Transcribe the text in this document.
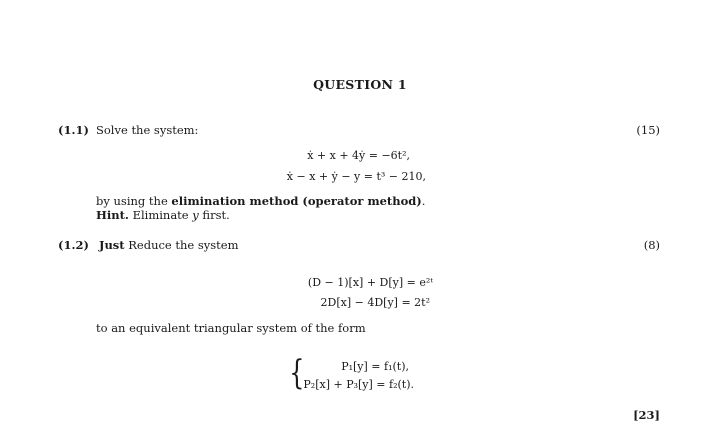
QUESTION 1
(1.1) Solve the system:	(15)
ẋ + x + 4ẏ = −6t²,
ẋ − x + ẏ − y = t³ − 210,
by using the elimination method (operator method).
Hint. Eliminate y first.
(1.2) Just Reduce the system	(8)
(D − 1)[x] + D[y] = e²ᵗ
2D[x] − 4D[y] = 2t²
to an equivalent triangular system of the form
{	P₁[y] = f₁(t),
P₂[x] + P₃[y] = f₂(t).
[23]
